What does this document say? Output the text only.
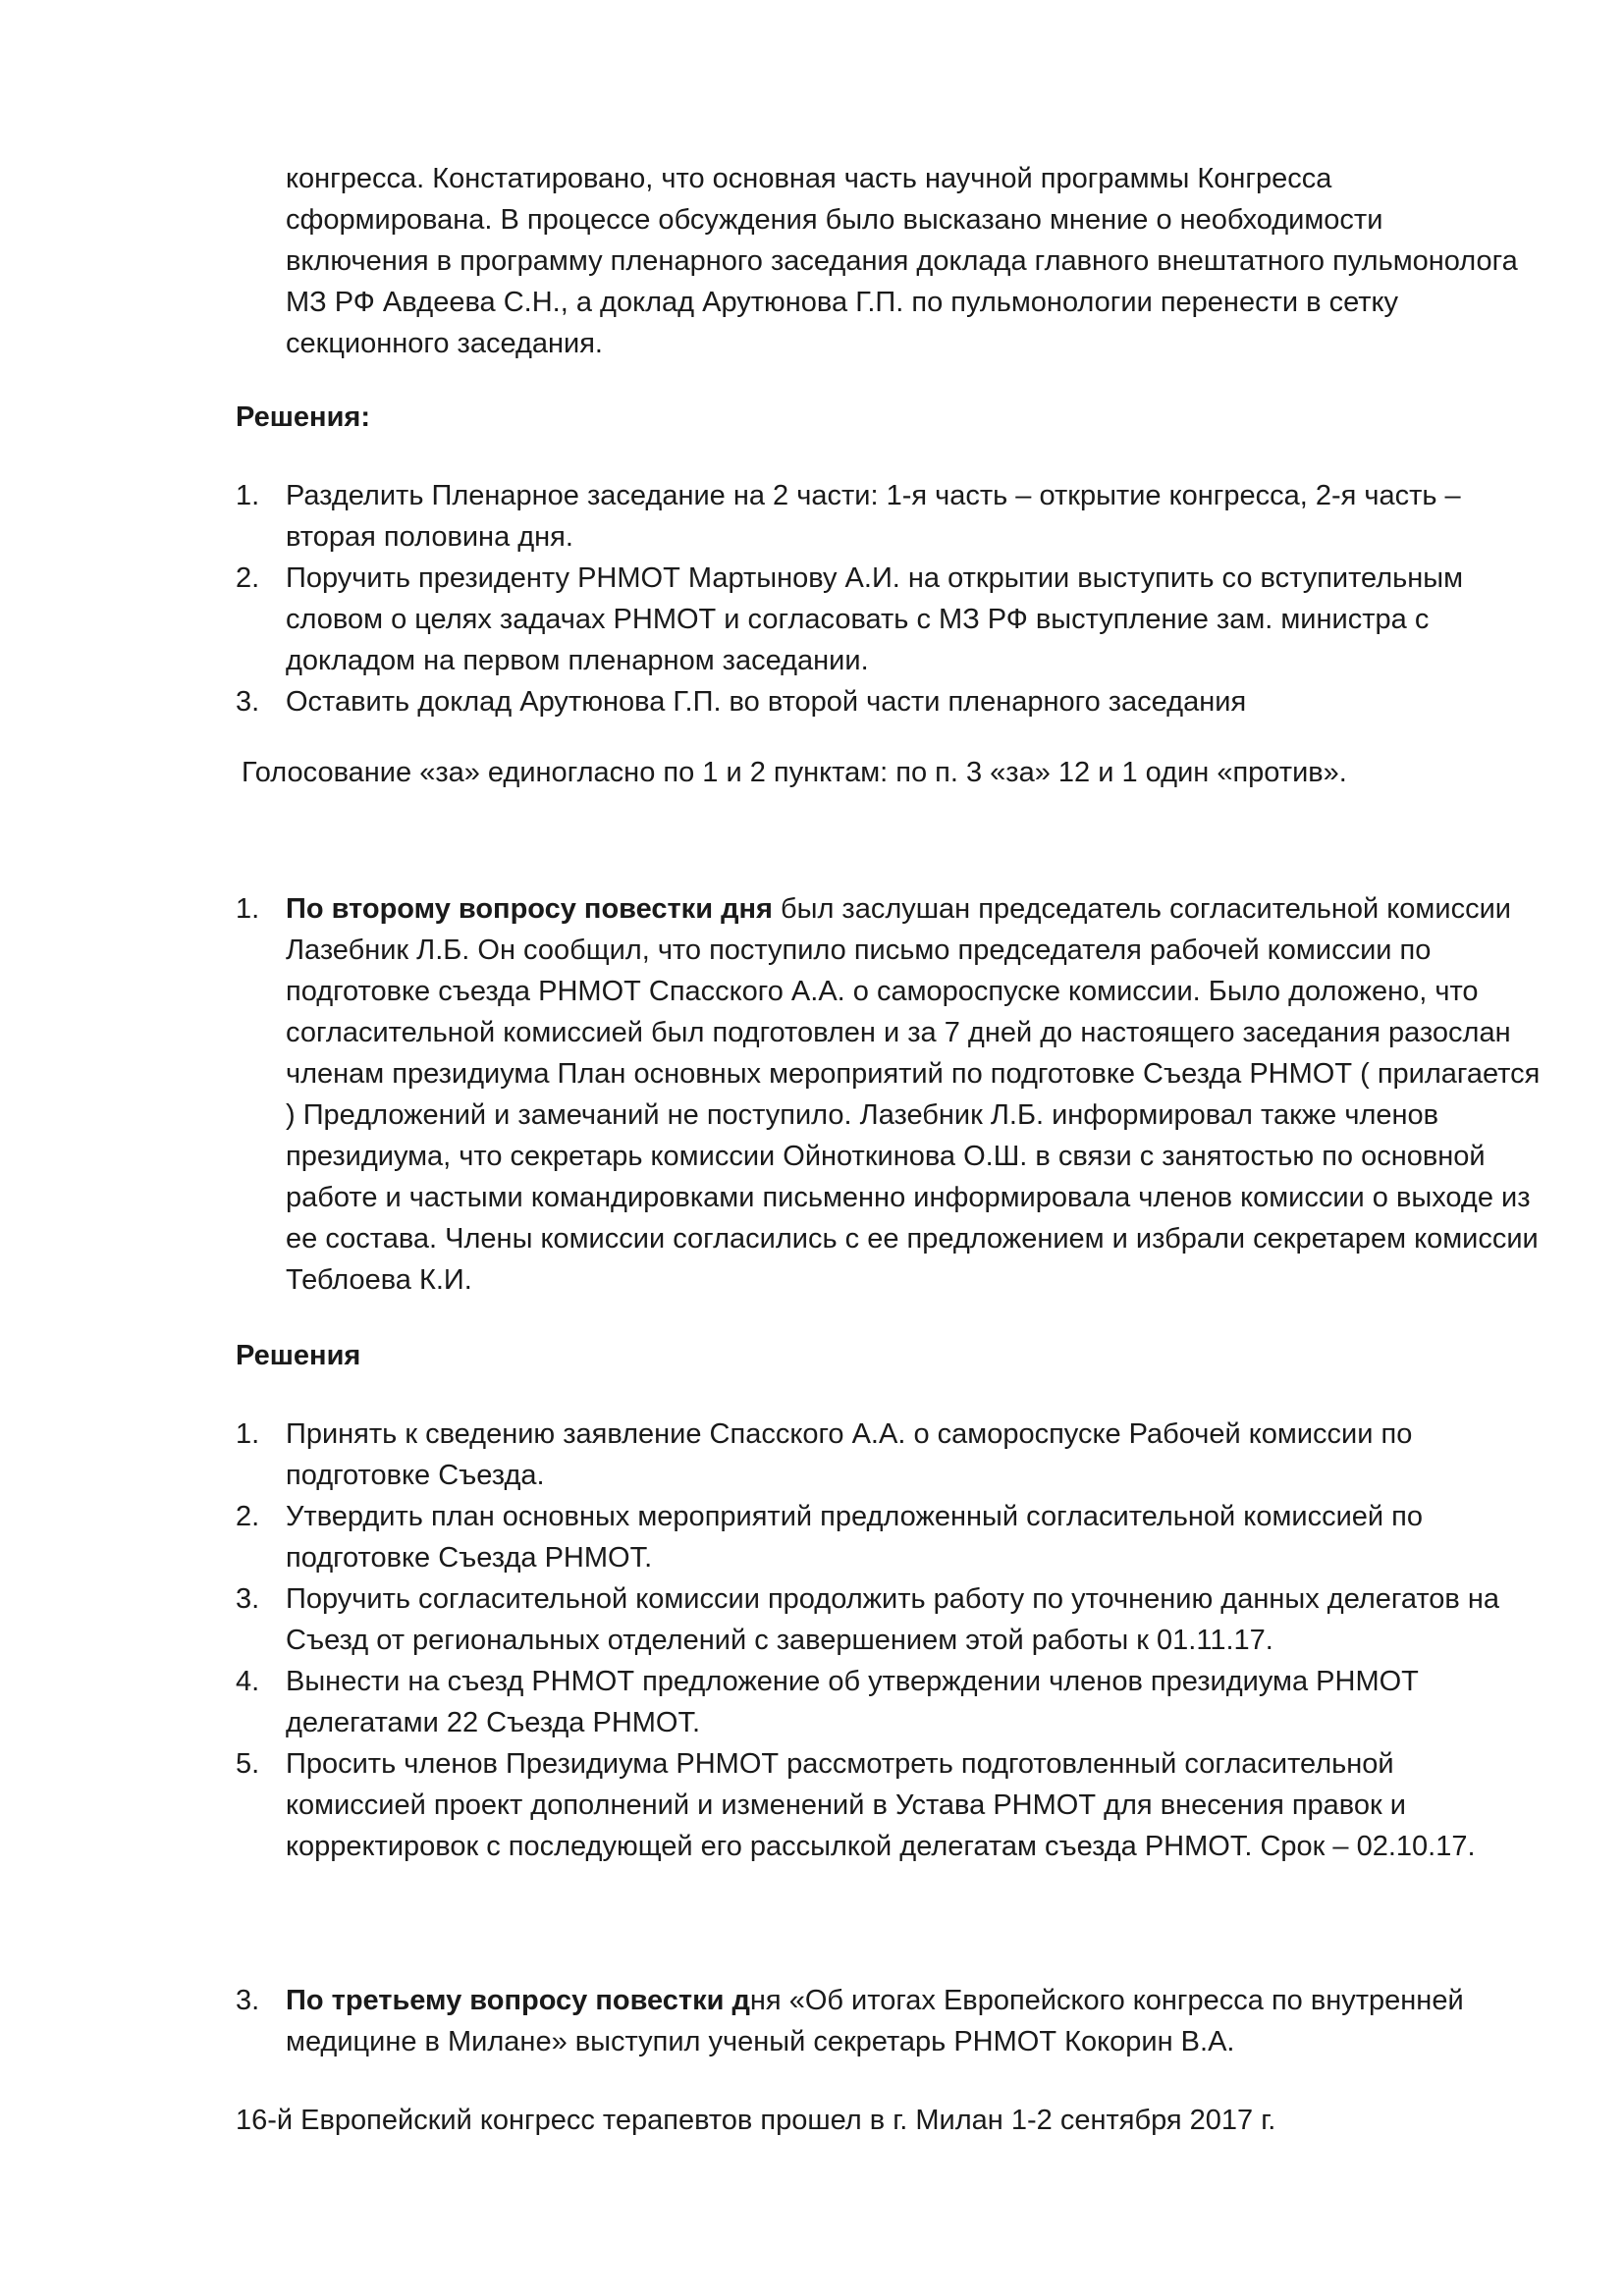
конгресса. Констатировано, что основная часть научной программы Конгресса сформирована. В процессе обсуждения было высказано мнение о необходимости включения в программу пленарного заседания доклада главного внештатного пульмонолога МЗ РФ Авдеева С.Н., а доклад Арутюнова Г.П. по пульмонологии перенести в сетку секционного заседания.
Решения:
1. Разделить Пленарное заседание на 2 части: 1-я часть – открытие конгресса, 2-я часть – вторая половина дня.
2. Поручить президенту РНМОТ Мартынову А.И. на открытии выступить со вступительным словом о целях задачах РНМОТ и согласовать с МЗ РФ выступление зам. министра с докладом на первом пленарном заседании.
3. Оставить доклад Арутюнова Г.П. во второй части пленарного заседания
Голосование «за» единогласно по 1 и 2 пунктам: по п. 3 «за» 12 и 1 один «против».
1. По второму вопросу повестки дня был заслушан председатель согласительной комиссии Лазебник Л.Б. Он сообщил, что поступило письмо председателя рабочей комиссии по подготовке съезда РНМОТ Спасского А.А. о самороспуске комиссии. Было доложено, что согласительной комиссией был подготовлен и за 7 дней до настоящего заседания разослан членам президиума План основных мероприятий по подготовке Съезда РНМОТ ( прилагается ) Предложений и замечаний не поступило. Лазебник Л.Б. информировал также членов президиума, что секретарь комиссии Ойноткинова О.Ш. в связи с занятостью по основной работе и частыми командировками письменно информировала членов комиссии о выходе из ее состава. Члены комиссии согласились с ее предложением и избрали секретарем комиссии Теблоева К.И.
Решения
1. Принять к сведению заявление Спасского А.А. о самороспуске Рабочей комиссии по подготовке Съезда.
2. Утвердить план основных мероприятий предложенный согласительной комиссией по подготовке Съезда РНМОТ.
3. Поручить согласительной комиссии продолжить работу по уточнению данных делегатов на Съезд от региональных отделений с завершением этой работы к 01.11.17.
4. Вынести на съезд РНМОТ предложение об утверждении членов президиума РНМОТ делегатами 22 Съезда РНМОТ.
5. Просить членов Президиума РНМОТ рассмотреть подготовленный согласительной комиссией проект дополнений и изменений в Устава РНМОТ для внесения правок и корректировок с последующей его рассылкой делегатам съезда РНМОТ. Срок – 02.10.17.
3. По третьему вопросу повестки дня «Об итогах Европейского конгресса по внутренней медицине в Милане» выступил ученый секретарь РНМОТ Кокорин В.А.
16-й Европейский конгресс терапевтов прошел в г. Милан 1-2 сентября 2017 г.
